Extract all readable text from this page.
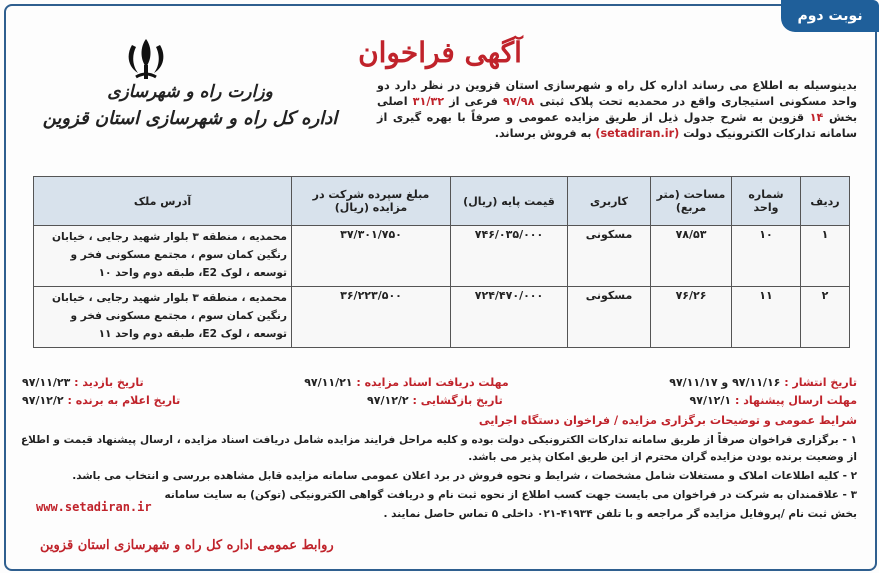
نوبت دوم
آگهی فراخوان
وزارت راه و شهرسازی
اداره کل راه و شهرسازی استان قزوین
بدینوسیله به اطلاع می رساند اداره کل راه و شهرسازی استان قزوین در نظر دارد دو واحد مسکونی استیجاری واقع در محمدیه تحت پلاک ثبتی ۹۷/۹۸ فرعی از ۳۱/۳۲ اصلی بخش ۱۴ قزوین به شرح جدول ذیل از طریق مزایده عمومی و صرفاً با بهره گیری از سامانه تدارکات الکترونیک دولت (setadiran.ir) به فروش برساند.
ردیف	شماره واحد	مساحت (متر مربع)	کاربری	قیمت پایه (ریال)	مبلغ سپرده شرکت در مزایده (ریال)	آدرس ملک
۱	۱۰	۷۸/۵۳	مسکونی	۷۴۶/۰۳۵/۰۰۰	۳۷/۳۰۱/۷۵۰	محمدیه ، منطقه ۳ بلوار شهید رجایی ، خیابان رنگین کمان سوم ، مجتمع مسکونی فخر و توسعه ، لوک E2، طبقه دوم واحد ۱۰
۲	۱۱	۷۶/۲۶	مسکونی	۷۲۴/۴۷۰/۰۰۰	۳۶/۲۲۳/۵۰۰	محمدیه ، منطقه ۳ بلوار شهید رجایی ، خیابان رنگین کمان سوم ، مجتمع مسکونی فخر و توسعه ، لوک E2، طبقه دوم واحد ۱۱
تاریخ انتشار : ۹۷/۱۱/۱۶ و ۹۷/۱۱/۱۷
مهلت دریافت اسناد مزایده : ۹۷/۱۱/۲۱
تاریخ بازدید : ۹۷/۱۱/۲۳
مهلت ارسال پیشنهاد : ۹۷/۱۲/۱
تاریخ بازگشایی : ۹۷/۱۲/۲
تاریخ اعلام به برنده : ۹۷/۱۲/۲
شرایط عمومی و توضیحات برگزاری مزایده / فراخوان دستگاه اجرایی

۱ - برگزاری فراخوان صرفاً از طریق سامانه تدارکات الکترونیکی دولت بوده و کلیه مراحل فرایند مزایده شامل دریافت اسناد مزایده ، ارسال پیشنهاد قیمت و اطلاع از وضعیت برنده بودن مزایده گران محترم از این طریق امکان پذیر می باشد.

۲ - کلیه اطلاعات املاک و مستغلات شامل مشخصات ، شرایط و نحوه فروش در برد اعلان عمومی سامانه مزایده قابل مشاهده بررسی و انتخاب می باشد.

۳ - علاقمندان به شرکت در فراخوان می بایست جهت کسب اطلاع از نحوه ثبت نام و دریافت گواهی الکترونیکی (توکن) به سایت سامانه

بخش ثبت نام /پروفایل مزایده گر مراجعه و با تلفن ۴۱۹۳۴-۰۲۱ داخلی ۵ تماس حاصل نمایند .

www.setadiran.ir
روابط عمومی اداره کل راه و شهرسازی استان قزوین
